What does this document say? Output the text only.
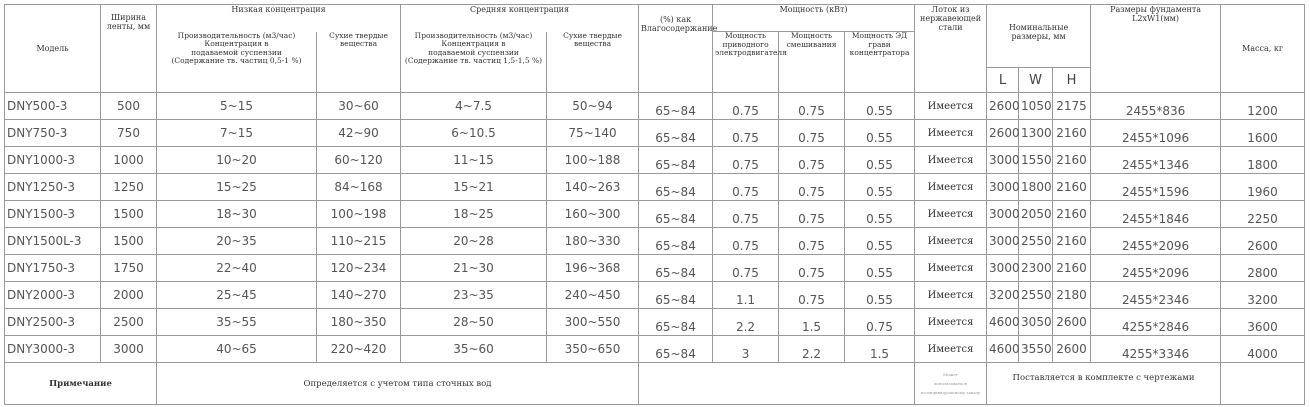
Модель	Ширина ленты, мм	Низкая концентрация		Средняя концентрация		(%) как Влагосодержание	Мощность (кВт)			Лоток из нержавеющей стали	Номинальные размеры, мм			Размеры фундамента L2xW1(мм)	Масса, кг
		Производительность (м3/час)
Концентрация в
подаваемой суспензии
(Содержание тв. частиц 0,5-1 %)	Сухие твердые вещества	Производительность (м3/час)
Концентрация в
подаваемой суспензии
(Содержание тв. частиц 1,5-1,5 %)	Сухие твердые вещества		Мощность приводного электродвигателя	Мощность смешивания	Мощность ЭД грави концентратора						
											L	W	H		
DNY500-3	500	5~15	30~60	4~7.5	50~94	65~84	0.75	0.75	0.55	Имеется	2600	1050	2175	2455*836	1200
DNY750-3	750	7~15	42~90	6~10.5	75~140	65~84	0.75	0.75	0.55	Имеется	2600	1300	2160	2455*1096	1600
DNY1000-3	1000	10~20	60~120	11~15	100~188	65~84	0.75	0.75	0.55	Имеется	3000	1550	2160	2455*1346	1800
DNY1250-3	1250	15~25	84~168	15~21	140~263	65~84	0.75	0.75	0.55	Имеется	3000	1800	2160	2455*1596	1960
DNY1500-3	1500	18~30	100~198	18~25	160~300	65~84	0.75	0.75	0.55	Имеется	3000	2050	2160	2455*1846	2250
DNY1500L-3	1500	20~35	110~215	20~28	180~330	65~84	0.75	0.75	0.55	Имеется	3000	2550	2160	2455*2096	2600
DNY1750-3	1750	22~40	120~234	21~30	196~368	65~84	0.75	0.75	0.55	Имеется	3000	2300	2160	2455*2096	2800
DNY2000-3	2000	25~45	140~270	23~35	240~450	65~84	1.1	0.75	0.55	Имеется	3200	2550	2180	2455*2346	3200
DNY2500-3	2500	35~55	180~350	28~50	300~550	65~84	2.2	1.5	0.75	Имеется	4600	3050	2600	4255*2846	3600
DNY3000-3	3000	40~65	220~420	35~60	350~650	65~84	3	2.2	1.5	Имеется	4600	3550	2600	4255*3346	4000
Примечание		Определяется с учетом типа сточных вод								Может
использоваться
по индивидуальному заказу	Поставляется в комплекте с чертежами				
